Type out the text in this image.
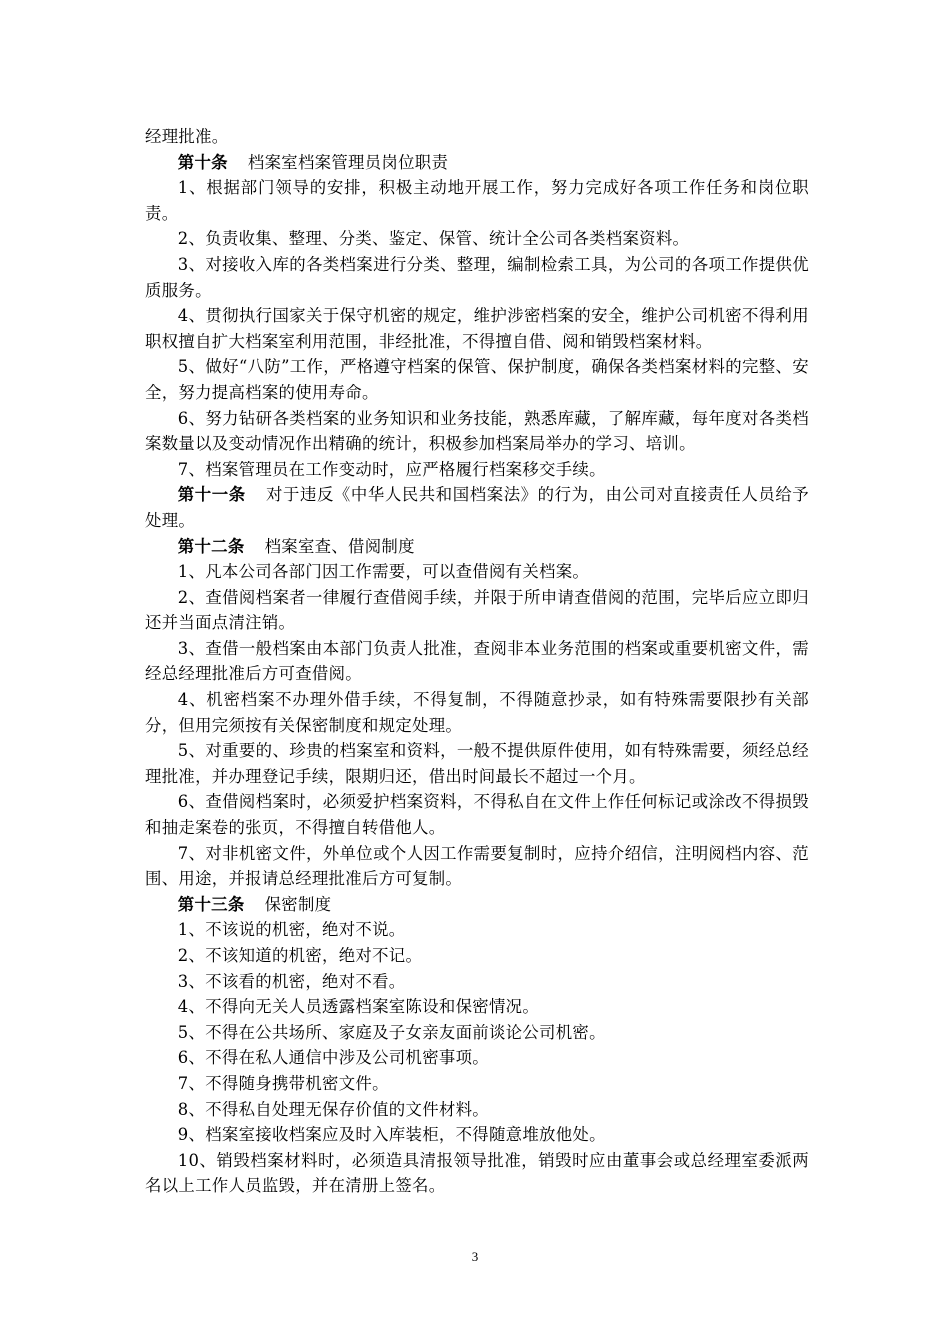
经理批准。

第十条 档案室档案管理员岗位职责

1、根据部门领导的安排，积极主动地开展工作，努力完成好各项工作任务和岗位职责。

2、负责收集、整理、分类、鉴定、保管、统计全公司各类档案资料。

3、对接收入库的各类档案进行分类、整理，编制检索工具，为公司的各项工作提供优质服务。

4、贯彻执行国家关于保守机密的规定，维护涉密档案的安全，维护公司机密不得利用职权擅自扩大档案室利用范围，非经批准，不得擅自借、阅和销毁档案材料。

5、做好“八防”工作，严格遵守档案的保管、保护制度，确保各类档案材料的完整、安全，努力提高档案的使用寿命。

6、努力钻研各类档案的业务知识和业务技能，熟悉库藏，了解库藏，每年度对各类档案数量以及变动情况作出精确的统计，积极参加档案局举办的学习、培训。

7、档案管理员在工作变动时，应严格履行档案移交手续。

第十一条 对于违反《中华人民共和国档案法》的行为，由公司对直接责任人员给予处理。

第十二条 档案室查、借阅制度

1、凡本公司各部门因工作需要，可以查借阅有关档案。

2、查借阅档案者一律履行查借阅手续，并限于所申请查借阅的范围，完毕后应立即归还并当面点清注销。

3、查借一般档案由本部门负责人批准，查阅非本业务范围的档案或重要机密文件，需经总经理批准后方可查借阅。

4、机密档案不办理外借手续，不得复制，不得随意抄录，如有特殊需要限抄有关部分，但用完须按有关保密制度和规定处理。

5、对重要的、珍贵的档案室和资料，一般不提供原件使用，如有特殊需要，须经总经理批准，并办理登记手续，限期归还，借出时间最长不超过一个月。

6、查借阅档案时，必须爱护档案资料，不得私自在文件上作任何标记或涂改不得损毁和抽走案卷的张页，不得擅自转借他人。

7、对非机密文件，外单位或个人因工作需要复制时，应持介绍信，注明阅档内容、范围、用途，并报请总经理批准后方可复制。

第十三条 保密制度

1、不该说的机密，绝对不说。

2、不该知道的机密，绝对不记。

3、不该看的机密，绝对不看。

4、不得向无关人员透露档案室陈设和保密情况。

5、不得在公共场所、家庭及子女亲友面前谈论公司机密。

6、不得在私人通信中涉及公司机密事项。

7、不得随身携带机密文件。

8、不得私自处理无保存价值的文件材料。

9、档案室接收档案应及时入库装柜，不得随意堆放他处。

10、销毁档案材料时，必须造具清报领导批准，销毁时应由董事会或总经理室委派两名以上工作人员监毁，并在清册上签名。

3
